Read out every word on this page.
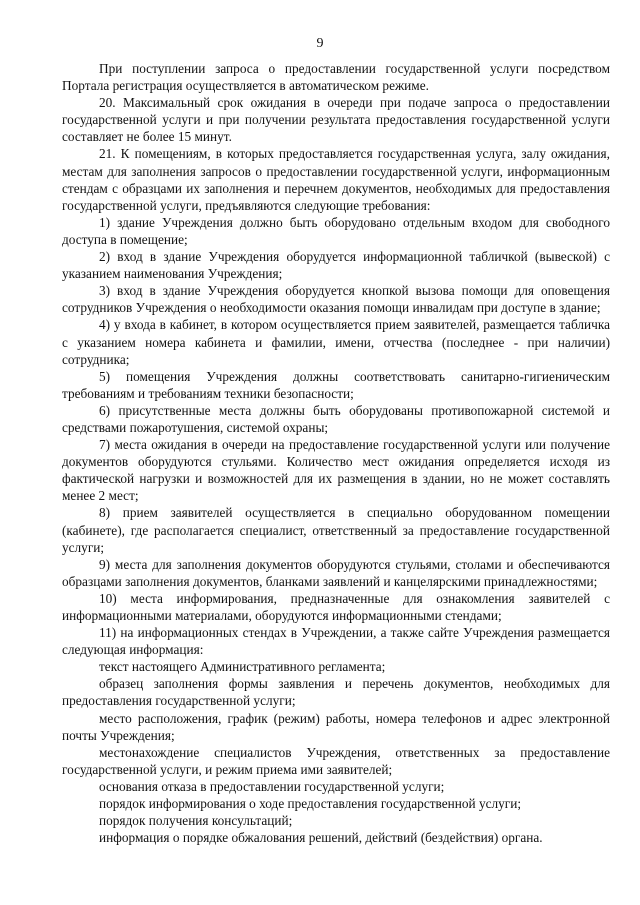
9

При поступлении запроса о предоставлении государственной услуги посредством Портала регистрация осуществляется в автоматическом режиме.

20. Максимальный срок ожидания в очереди при подаче запроса о предоставлении государственной услуги и при получении результата предоставления государственной услуги составляет не более 15 минут.

21. К помещениям, в которых предоставляется государственная услуга, залу ожидания, местам для заполнения запросов о предоставлении государственной услуги, информационным стендам с образцами их заполнения и перечнем документов, необходимых для предоставления государственной услуги, предъявляются следующие требования:

1) здание Учреждения должно быть оборудовано отдельным входом для свободного доступа в помещение;

2) вход в здание Учреждения оборудуется информационной табличкой (вывеской) с указанием наименования Учреждения;

3) вход в здание Учреждения оборудуется кнопкой вызова помощи для оповещения сотрудников Учреждения о необходимости оказания помощи инвалидам при доступе в здание;

4) у входа в кабинет, в котором осуществляется прием заявителей, размещается табличка с указанием номера кабинета и фамилии, имени, отчества (последнее - при наличии) сотрудника;

5) помещения Учреждения должны соответствовать санитарно-гигиеническим требованиям и требованиям техники безопасности;

6) присутственные места должны быть оборудованы противопожарной системой и средствами пожаротушения, системой охраны;

7) места ожидания в очереди на предоставление государственной услуги или получение документов оборудуются стульями. Количество мест ожидания определяется исходя из фактической нагрузки и возможностей для их размещения в здании, но не может составлять менее 2 мест;

8) прием заявителей осуществляется в специально оборудованном помещении (кабинете), где располагается специалист, ответственный за предоставление государственной услуги;

9) места для заполнения документов оборудуются стульями, столами и обеспечиваются образцами заполнения документов, бланками заявлений и канцелярскими принадлежностями;

10) места информирования, предназначенные для ознакомления заявителей с информационными материалами, оборудуются информационными стендами;

11) на информационных стендах в Учреждении, а также сайте Учреждения размещается следующая информация:

текст настоящего Административного регламента;

образец заполнения формы заявления и перечень документов, необходимых для предоставления государственной услуги;

место расположения, график (режим) работы, номера телефонов и адрес электронной почты Учреждения;

местонахождение специалистов Учреждения, ответственных за предоставление государственной услуги, и режим приема ими заявителей;

основания отказа в предоставлении государственной услуги;

порядок информирования о ходе предоставления государственной услуги;

порядок получения консультаций;

информация о порядке обжалования решений, действий (бездействия) органа.
